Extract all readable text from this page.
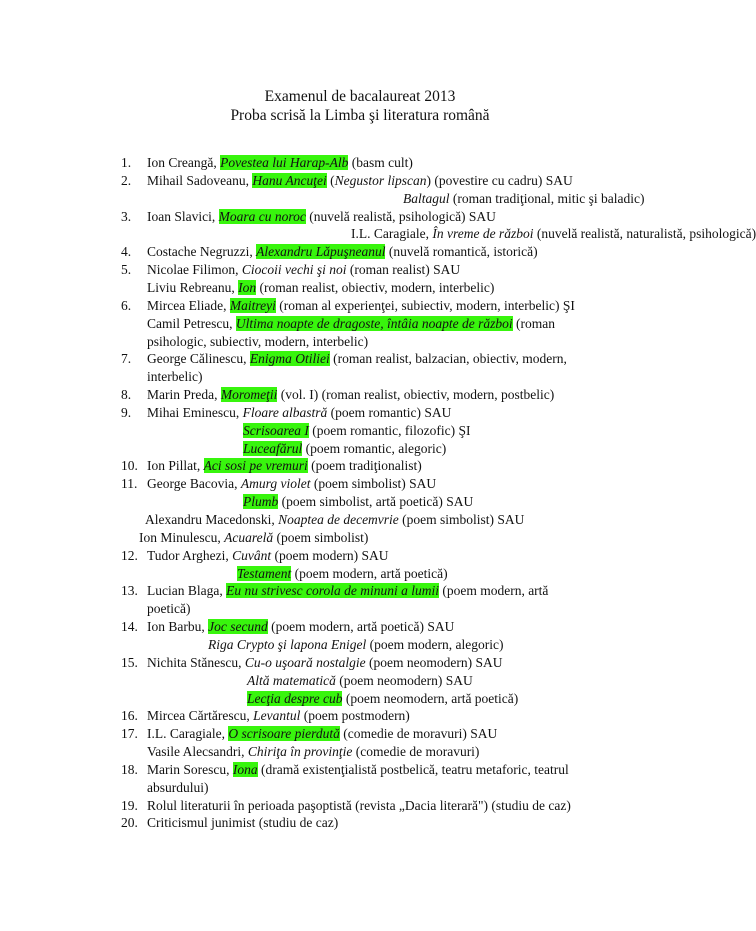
Examenul de bacalaureat 2013
Proba scrisă la Limba şi literatura română
1. Ion Creangă, Povestea lui Harap-Alb (basm cult)
2. Mihail Sadoveanu, Hanu Ancuţei (Negustor lipscan) (povestire cu cadru) SAU
Baltagul (roman tradiţional, mitic şi baladic)
3. Ioan Slavici, Moara cu noroc (nuvelă realistă, psihologică) SAU
I.L. Caragiale, În vreme de război (nuvelă realistă, naturalistă, psihologică)
4. Costache Negruzzi, Alexandru Lăpuşneanul (nuvelă romantică, istorică)
5. Nicolae Filimon, Ciocoii vechi şi noi (roman realist) SAU
Liviu Rebreanu, Ion (roman realist, obiectiv, modern, interbelic)
6. Mircea Eliade, Maitreyi (roman al experienţei, subiectiv, modern, interbelic) ŞI
Camil Petrescu, Ultima noapte de dragoste, întâia noapte de război (roman
psihologic, subiectiv, modern, interbelic)
7. George Călinescu, Enigma Otiliei (roman realist, balzacian, obiectiv, modern,
interbelic)
8. Marin Preda, Moromeţii (vol. I) (roman realist, obiectiv, modern, postbelic)
9. Mihai Eminescu, Floare albastră (poem romantic) SAU
Scrisoarea I (poem romantic, filozofic) ŞI
Luceafărul (poem romantic, alegoric)
10. Ion Pillat, Aci sosi pe vremuri (poem tradiţionalist)
11. George Bacovia, Amurg violet (poem simbolist) SAU
Plumb (poem simbolist, artă poetică) SAU
Alexandru Macedonski, Noaptea de decemvrie (poem simbolist) SAU
Ion Minulescu, Acuarelă (poem simbolist)
12. Tudor Arghezi, Cuvânt (poem modern) SAU
Testament (poem modern, artă poetică)
13. Lucian Blaga, Eu nu strivesc corola de minuni a lumii (poem modern, artă
poetică)
14. Ion Barbu, Joc secund (poem modern, artă poetică) SAU
Riga Crypto şi lapona Enigel (poem modern, alegoric)
15. Nichita Stănescu, Cu-o uşoară nostalgie (poem neomodern) SAU
Altă matematică (poem neomodern) SAU
Lecţia despre cub (poem neomodern, artă poetică)
16. Mircea Cărtărescu, Levantul (poem postmodern)
17. I.L. Caragiale, O scrisoare pierdută (comedie de moravuri) SAU
Vasile Alecsandri, Chiriţa în provinţie (comedie de moravuri)
18. Marin Sorescu, Iona (dramă existenţialistă postbelică, teatru metaforic, teatrul
absurdului)
19. Rolul literaturii în perioada paşoptistă (revista „Dacia literară") (studiu de caz)
20. Criticismul junimist (studiu de caz)
